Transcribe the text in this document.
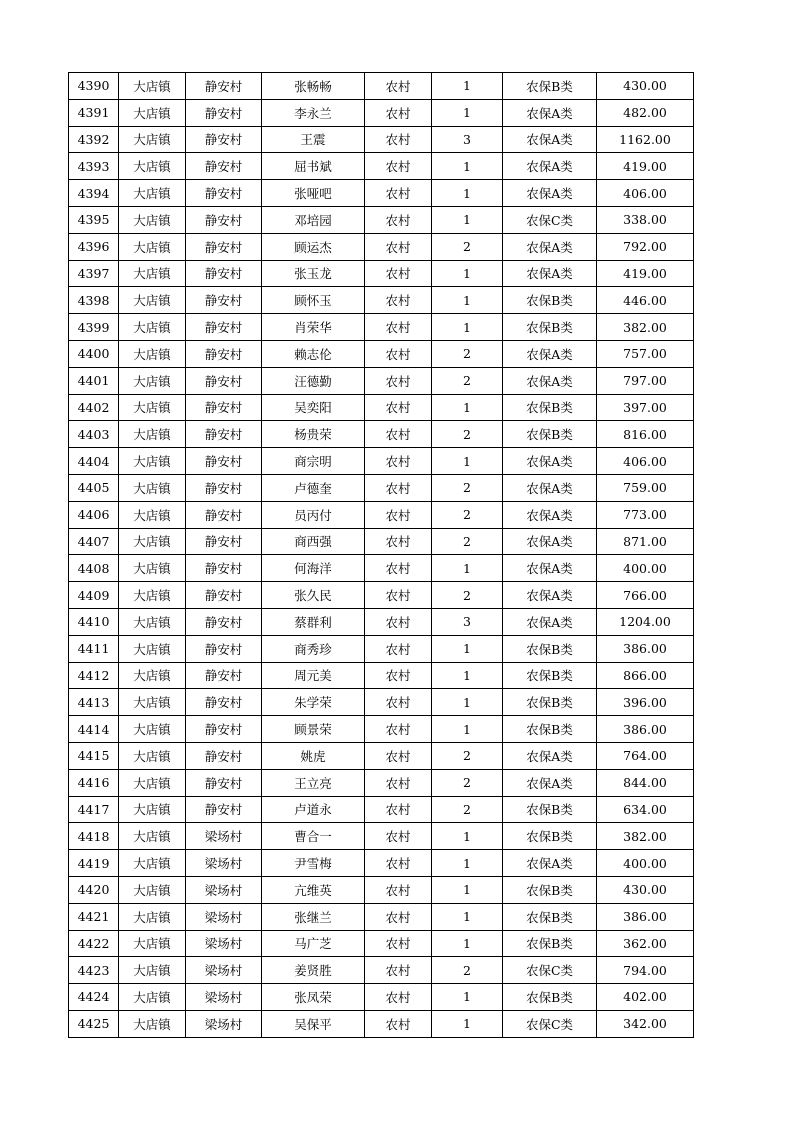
4390	大店镇	静安村	张畅畅	农村	1	农保B类	430.00
4391	大店镇	静安村	李永兰	农村	1	农保A类	482.00
4392	大店镇	静安村	王震	农村	3	农保A类	1162.00
4393	大店镇	静安村	屈书斌	农村	1	农保A类	419.00
4394	大店镇	静安村	张哑吧	农村	1	农保A类	406.00
4395	大店镇	静安村	邓培园	农村	1	农保C类	338.00
4396	大店镇	静安村	顾运杰	农村	2	农保A类	792.00
4397	大店镇	静安村	张玉龙	农村	1	农保A类	419.00
4398	大店镇	静安村	顾怀玉	农村	1	农保B类	446.00
4399	大店镇	静安村	肖荣华	农村	1	农保B类	382.00
4400	大店镇	静安村	赖志伦	农村	2	农保A类	757.00
4401	大店镇	静安村	汪德勤	农村	2	农保A类	797.00
4402	大店镇	静安村	吴奕阳	农村	1	农保B类	397.00
4403	大店镇	静安村	杨贵荣	农村	2	农保B类	816.00
4404	大店镇	静安村	商宗明	农村	1	农保A类	406.00
4405	大店镇	静安村	卢德奎	农村	2	农保A类	759.00
4406	大店镇	静安村	员丙付	农村	2	农保A类	773.00
4407	大店镇	静安村	商西强	农村	2	农保A类	871.00
4408	大店镇	静安村	何海洋	农村	1	农保A类	400.00
4409	大店镇	静安村	张久民	农村	2	农保A类	766.00
4410	大店镇	静安村	蔡群利	农村	3	农保A类	1204.00
4411	大店镇	静安村	商秀珍	农村	1	农保B类	386.00
4412	大店镇	静安村	周元美	农村	1	农保B类	866.00
4413	大店镇	静安村	朱学荣	农村	1	农保B类	396.00
4414	大店镇	静安村	顾景荣	农村	1	农保B类	386.00
4415	大店镇	静安村	姚虎	农村	2	农保A类	764.00
4416	大店镇	静安村	王立亮	农村	2	农保A类	844.00
4417	大店镇	静安村	卢道永	农村	2	农保B类	634.00
4418	大店镇	梁场村	曹合一	农村	1	农保B类	382.00
4419	大店镇	梁场村	尹雪梅	农村	1	农保A类	400.00
4420	大店镇	梁场村	亢维英	农村	1	农保B类	430.00
4421	大店镇	梁场村	张继兰	农村	1	农保B类	386.00
4422	大店镇	梁场村	马广芝	农村	1	农保B类	362.00
4423	大店镇	梁场村	姜贤胜	农村	2	农保C类	794.00
4424	大店镇	梁场村	张凤荣	农村	1	农保B类	402.00
4425	大店镇	梁场村	吴保平	农村	1	农保C类	342.00
